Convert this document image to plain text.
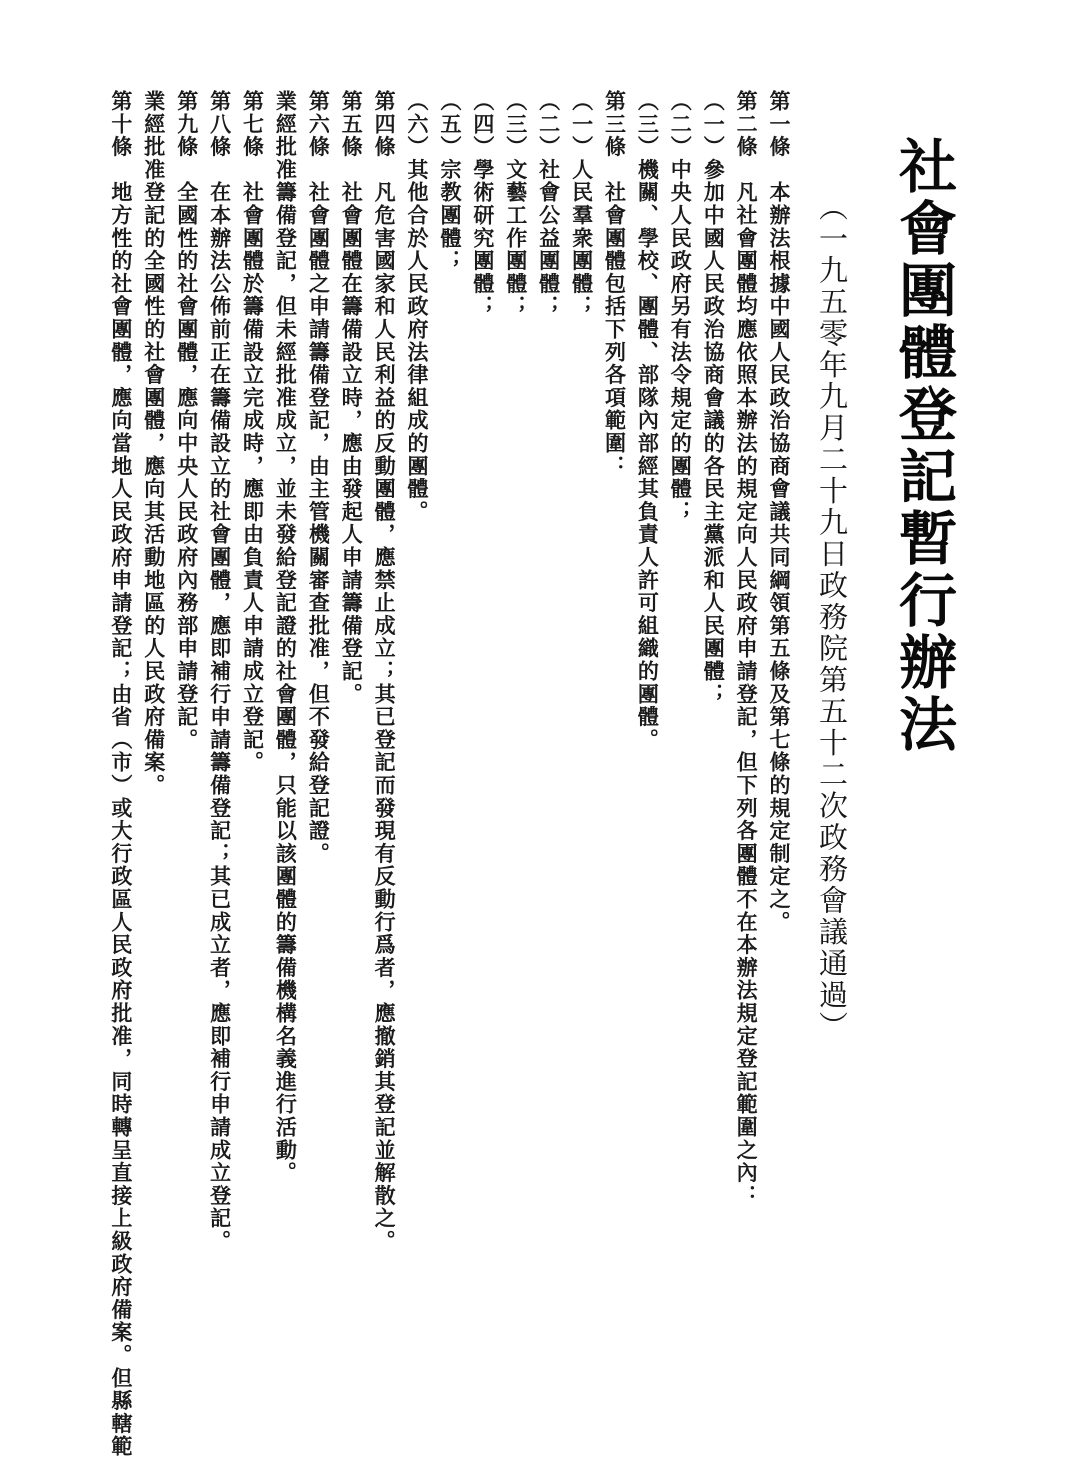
社會團體登記暫行辦法
（一九五零年九月二十九日政務院第五十二次政務會議通過）
第一條　本辦法根據中國人民政治協商會議共同綱領第五條及第七條的規定制定之。
第二條　凡社會團體均應依照本辦法的規定向人民政府申請登記，但下列各團體不在本辦法規定登記範圍之內：
（一）參加中國人民政治協商會議的各民主黨派和人民團體；
（二）中央人民政府另有法令規定的團體；
（三）機關、學校、團體、部隊內部經其負責人許可組織的團體。
第三條　社會團體包括下列各項範圍：
（一）人民羣衆團體；
（二）社會公益團體；
（三）文藝工作團體；
（四）學術研究團體；
（五）宗教團體；
（六）其他合於人民政府法律組成的團體。
第四條　凡危害國家和人民利益的反動團體，應禁止成立；其已登記而發現有反動行爲者，應撤銷其登記並解散之。
第五條　社會團體在籌備設立時，應由發起人申請籌備登記。
第六條　社會團體之申請籌備登記，由主管機關審查批准，但不發給登記證。
業經批准籌備登記，但未經批准成立，並未發給登記證的社會團體，只能以該團體的籌備機構名義進行活動。
第七條　社會團體於籌備設立完成時，應即由負責人申請成立登記。
第八條　在本辦法公佈前正在籌備設立的社會團體，應即補行申請籌備登記；其已成立者，應即補行申請成立登記。
第九條　全國性的社會團體，應向中央人民政府內務部申請登記。
業經批准登記的全國性的社會團體，應向其活動地區的人民政府備案。
第十條　地方性的社會團體，應向當地人民政府申請登記；由省（市）或大行政區人民政府批准，同時轉呈直接上級政府備案。但縣轄範
